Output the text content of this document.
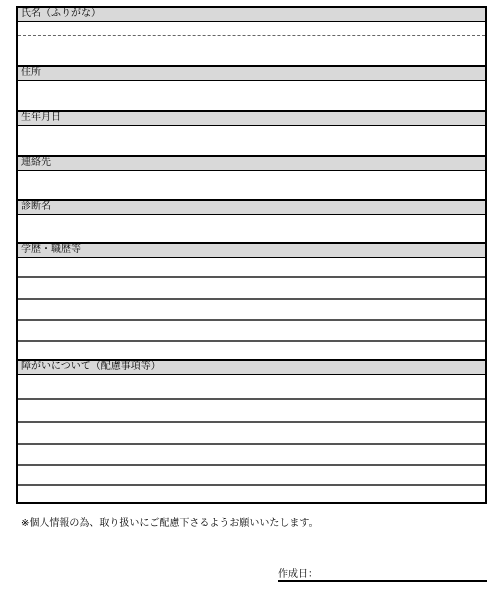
氏名（ふりがな）
住所
生年月日
連絡先
診断名
学歴・職歴等
障がいについて（配慮事項等）
※個人情報の為、取り扱いにご配慮下さるようお願いいたします。
作成日：
